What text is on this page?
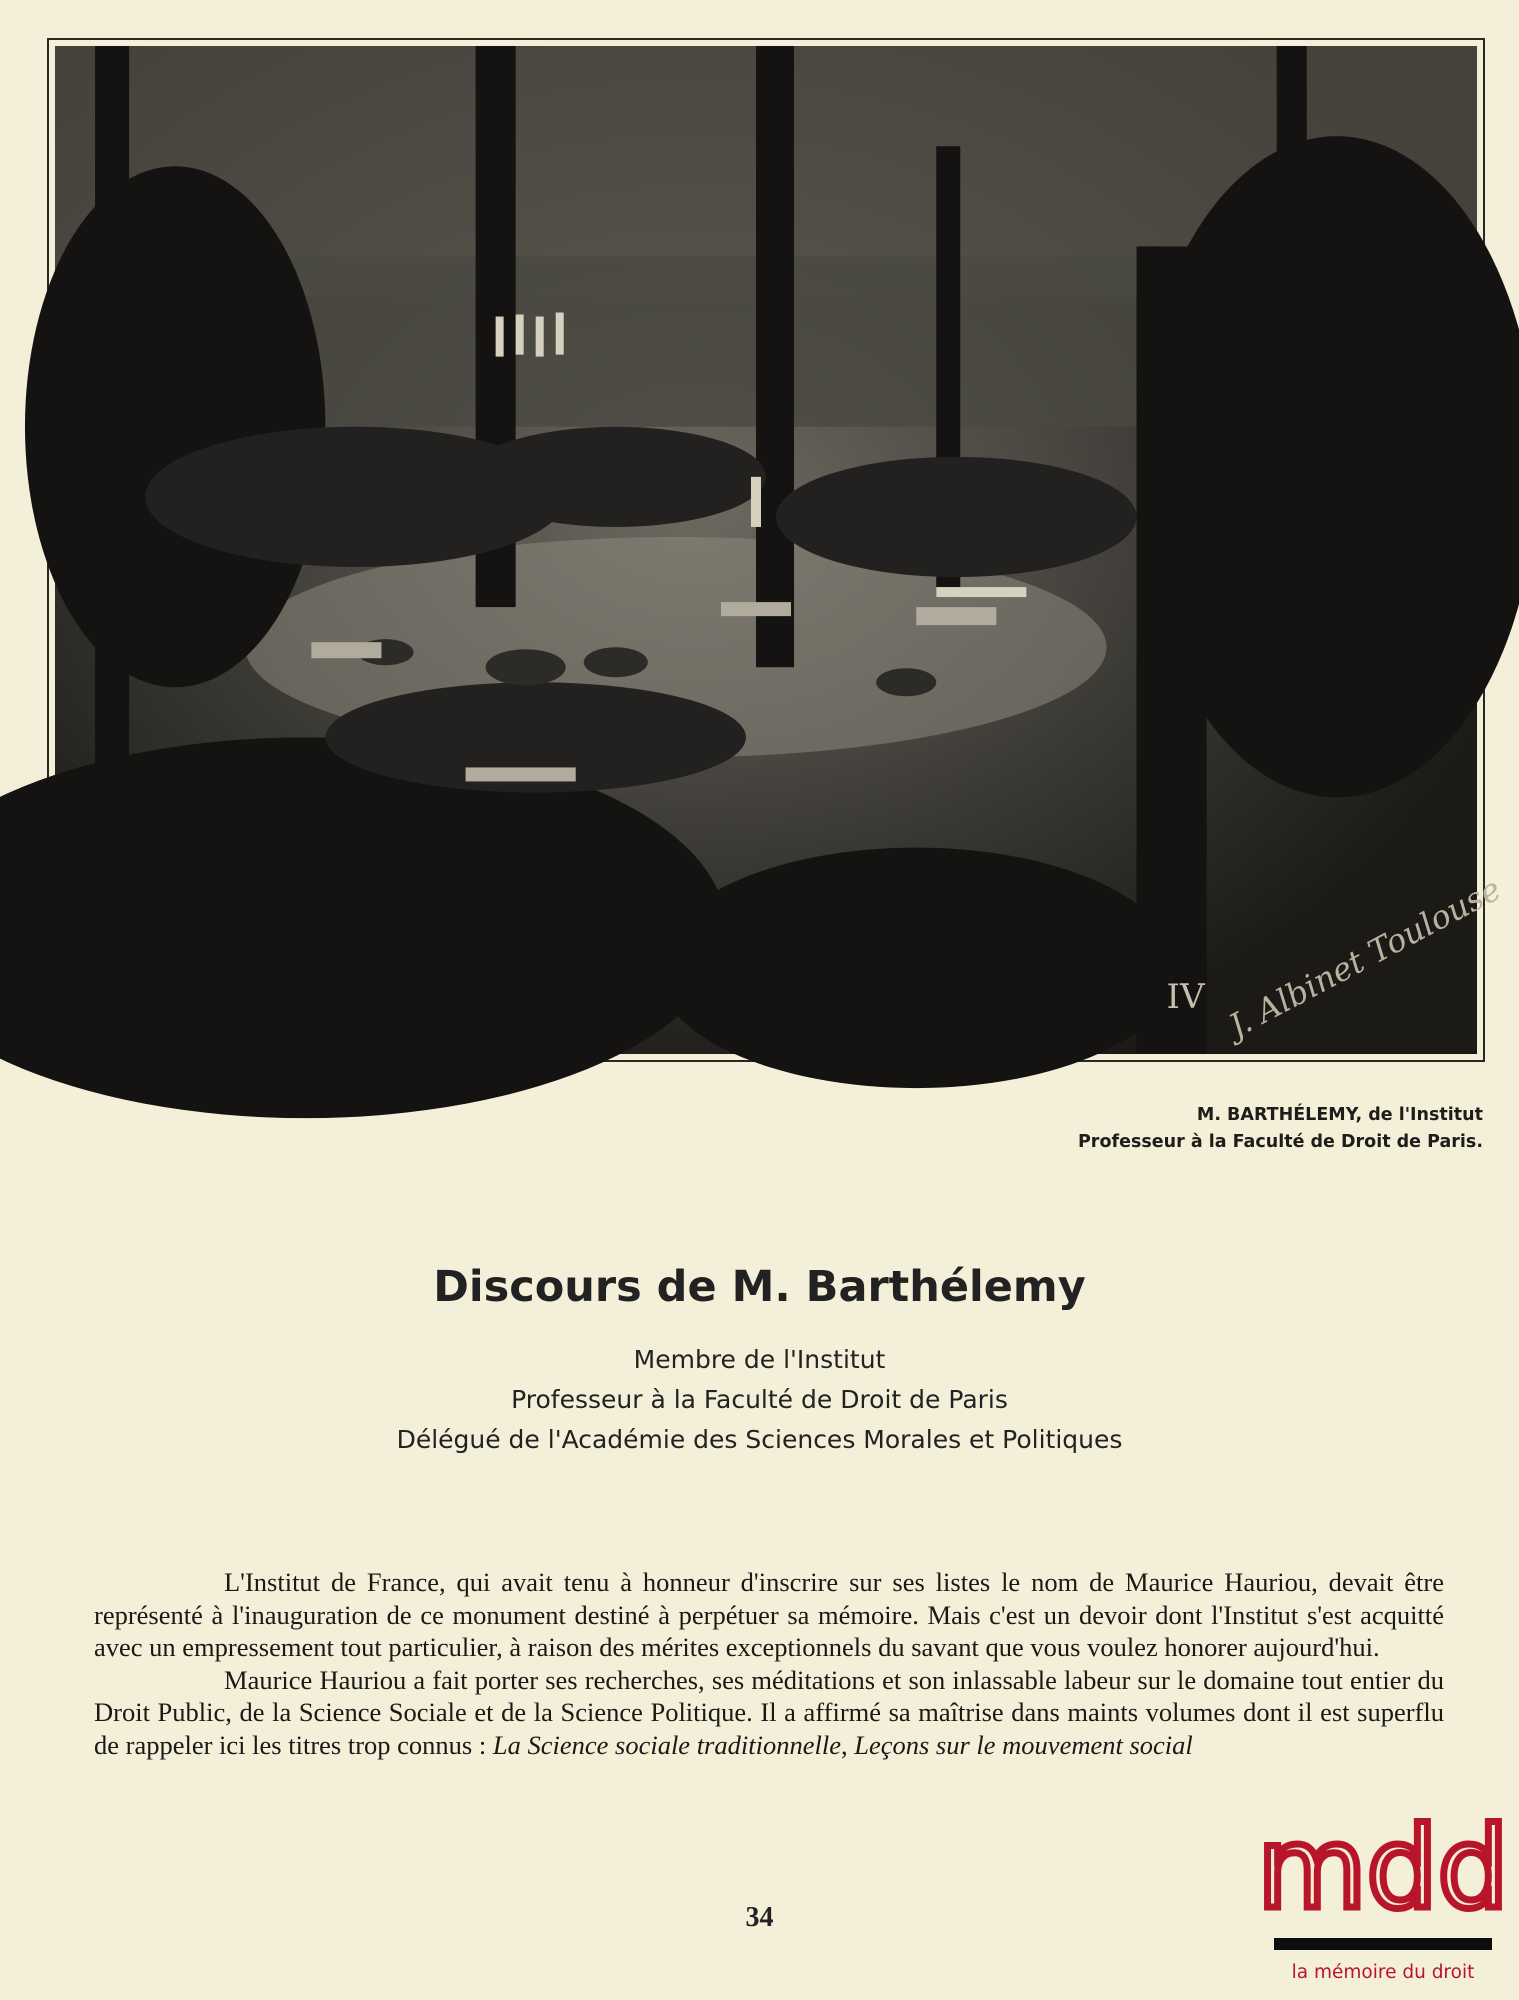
J. Albinet Toulouse
IV
M. BARTHÉLEMY, de l'Institut
Professeur à la Faculté de Droit de Paris.
Discours de M. Barthélemy
Membre de l'Institut
Professeur à la Faculté de Droit de Paris
Délégué de l'Académie des Sciences Morales et Politiques

L'Institut de France, qui avait tenu à honneur d'inscrire sur ses listes le nom de Maurice Hauriou, devait être représenté à l'inauguration de ce monument destiné à perpétuer sa mémoire. Mais c'est un devoir dont l'Institut s'est acquitté avec un empressement tout particulier, à raison des mérites exceptionnels du savant que vous voulez honorer aujourd'hui.

Maurice Hauriou a fait porter ses recherches, ses méditations et son inlassable labeur sur le domaine tout entier du Droit Public, de la Science Sociale et de la Science Politique. Il a affirmé sa maîtrise dans maints volumes dont il est superflu de rappeler ici les titres trop connus : La Science sociale traditionnelle, Leçons sur le mouvement social

34	mdd
la mémoire du droit
